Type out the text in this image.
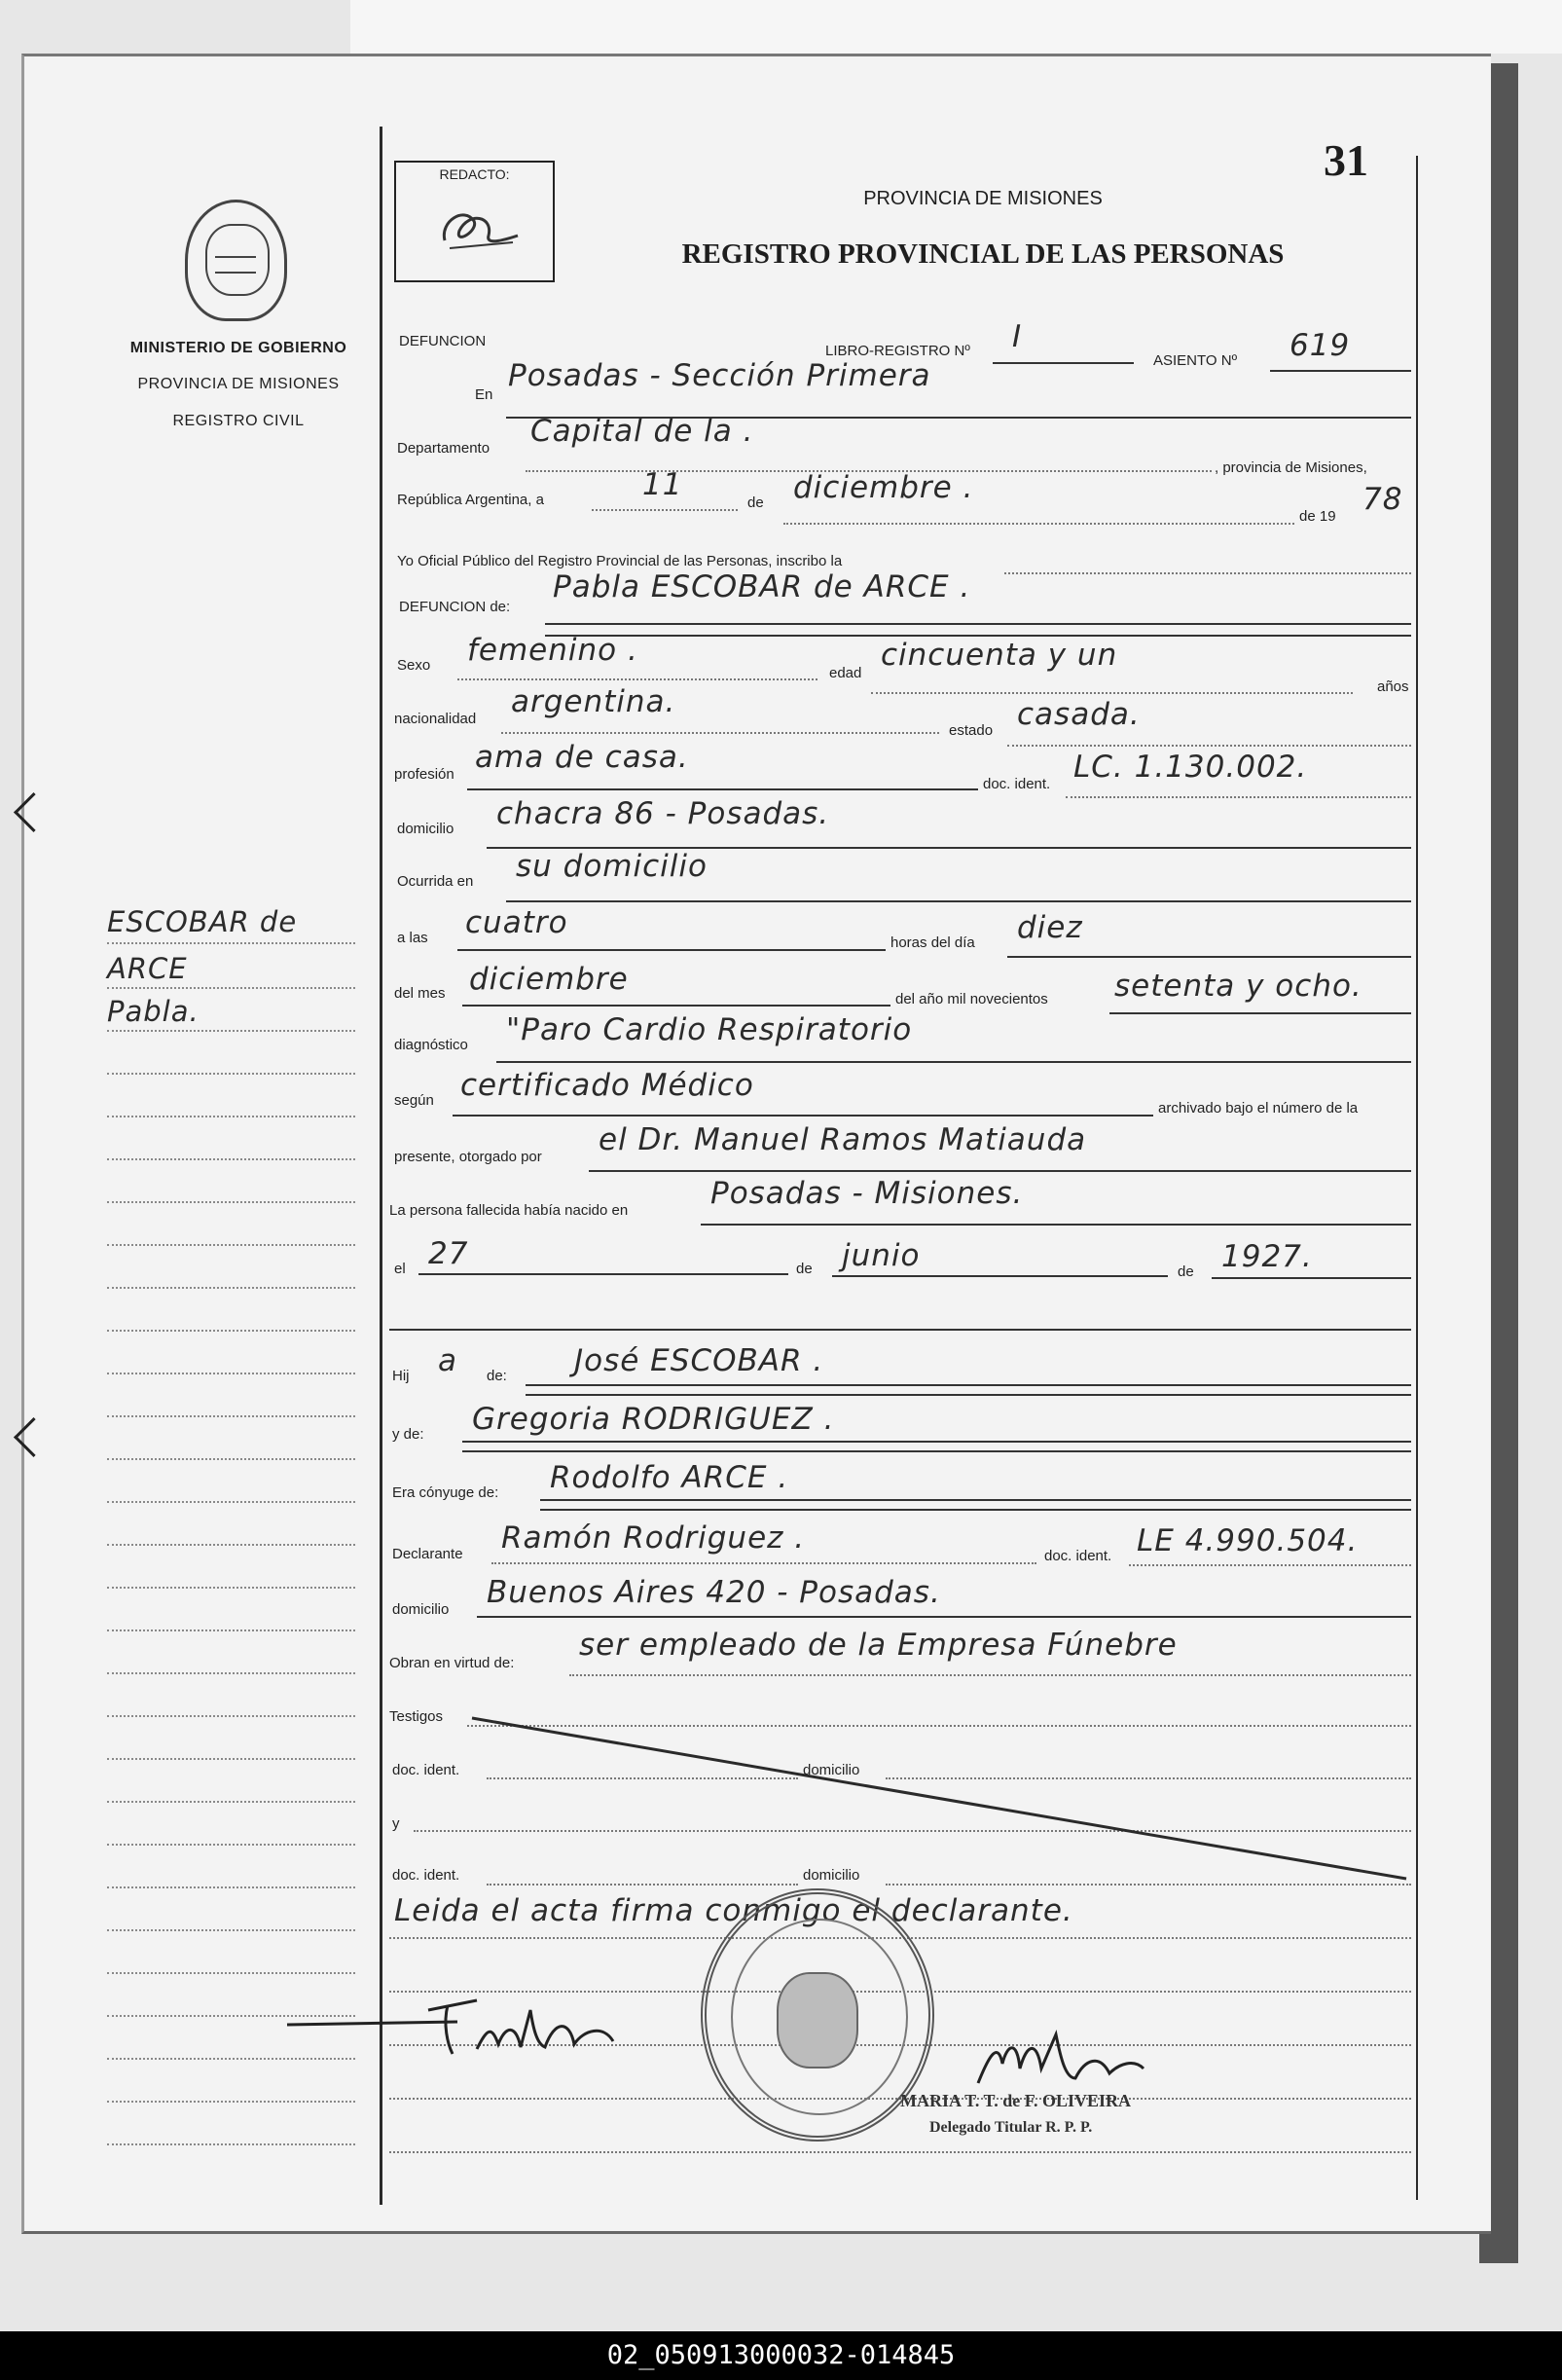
MINISTERIO DE GOBIERNO
PROVINCIA DE MISIONES
REGISTRO CIVIL
REDACTO:	31
PROVINCIA DE MISIONES
REGISTRO PROVINCIAL DE LAS PERSONAS
DEFUNCION
LIBRO-REGISTRO Nº I
ASIENTO Nº 619
En
Posadas - Sección Primera
Departamento Capital de la .
, provincia de Misiones,
República Argentina, a	11
de diciembre .
de 19 78
Yo Oficial Público del Registro Provincial de las Personas, inscribo la
DEFUNCION de:
Pabla ESCOBAR de ARCE .
Sexo femenino .
edad
cincuenta y un
años
nacionalidad argentina.
estado casada.
profesión ama de casa.
doc. ident. LC. 1.130.002.
domicilio chacra 86 - Posadas.
Ocurrida en su domicilio
a las cuatro
horas del día diez
del mes diciembre
del año mil novecientos setenta y ocho.
diagnóstico "Paro Cardio Respiratorio
según certificado Médico
archivado bajo el número de la
presente, otorgado por el Dr. Manuel Ramos Matiauda
La persona fallecida había nacido en	Posadas - Misiones.
el 27	de junio	de 1927.
Hij a de: José ESCOBAR .
y de: Gregoria RODRIGUEZ .
Era cónyuge de: Rodolfo ARCE .
Declarante Ramón Rodriguez .
doc. ident. LE 4.990.504.
domicilio Buenos Aires 420 - Posadas.
Obran en virtud de:
ser empleado de la Empresa Fúnebre
Testigos
doc. ident.	domicilio
y
doc. ident.	domicilio
Leida el acta firma conmigo el declarante.
MARIA T. T. de F. OLIVEIRA
Delegado Titular R. P. P.
ESCOBAR de
ARCE
Pabla.
02_050913000032-014845
